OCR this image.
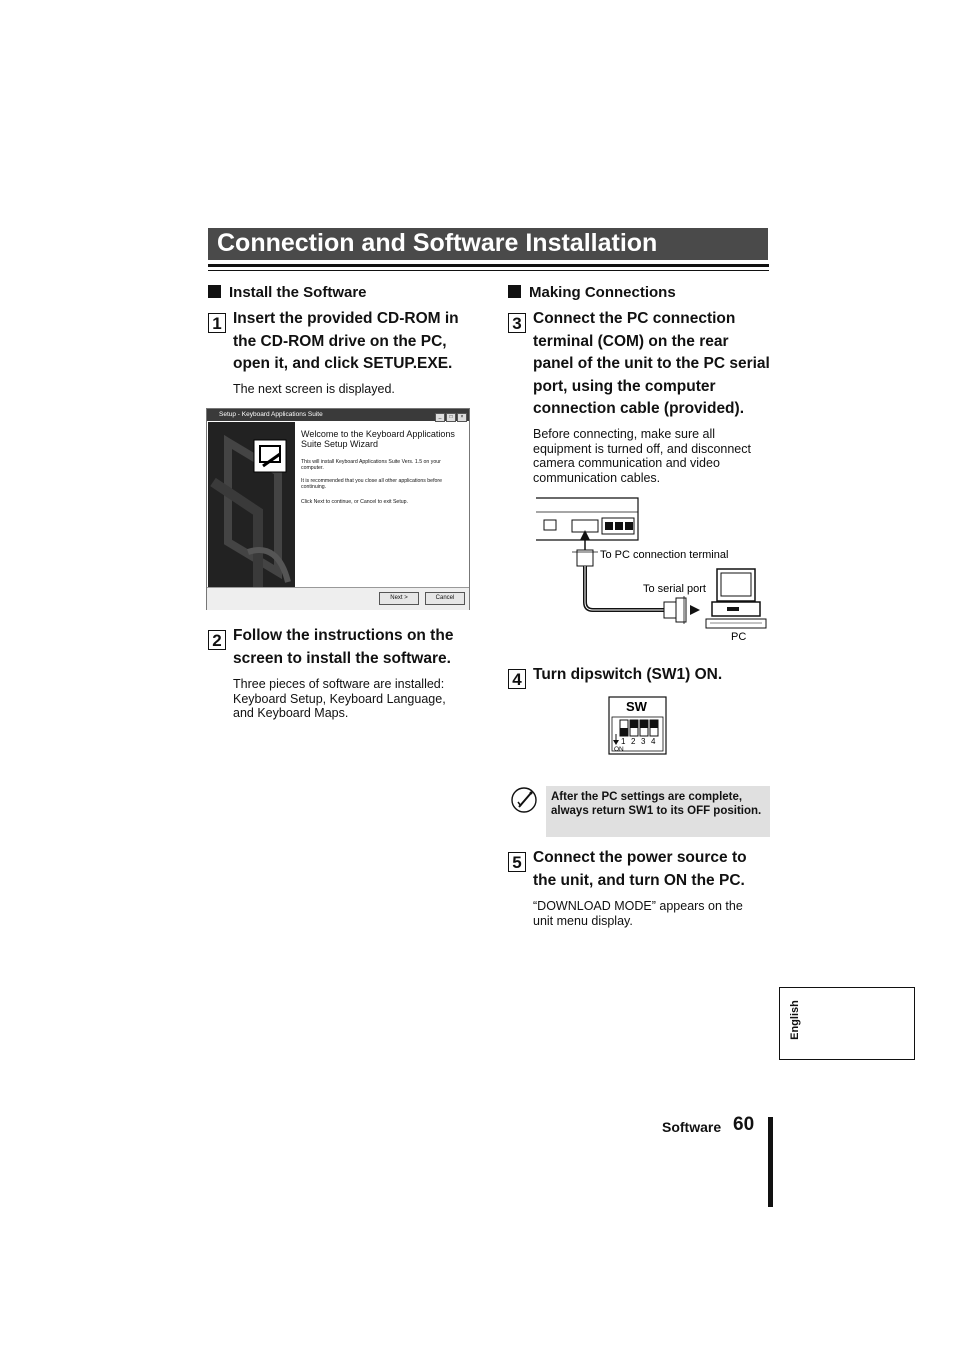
Connection and Software Installation
Install the Software
1 Insert the provided CD-ROM in the CD-ROM drive on the PC, open it, and click SETUP.EXE.
The next screen is displayed.
Setup - Keyboard Applications Suite	_ □ ×
Welcome to the Keyboard Applications Suite Setup Wizard
This will install Keyboard Applications Suite Vers. 1.5 on your computer.
It is recommended that you close all other applications before continuing.
Click Next to continue, or Cancel to exit Setup.
Next >	Cancel
2 Follow the instructions on the screen to install the software.
Three pieces of software are installed: Keyboard Setup, Keyboard Language, and Keyboard Maps.
Making Connections
3 Connect the PC connection terminal (COM) on the rear panel of the unit to the PC serial port, using the computer connection cable (provided).
Before connecting, make sure all equipment is turned off, and disconnect camera communication and video communication cables.
To PC connection terminal
To serial port
PC
4 Turn dipswitch (SW1) ON.
SW
1 2 3 4
ON
After the PC settings are complete, always return SW1 to its OFF position.
5 Connect the power source to the unit, and turn ON the PC.
“DOWNLOAD MODE” appears on the unit menu display.
English
Software 60
